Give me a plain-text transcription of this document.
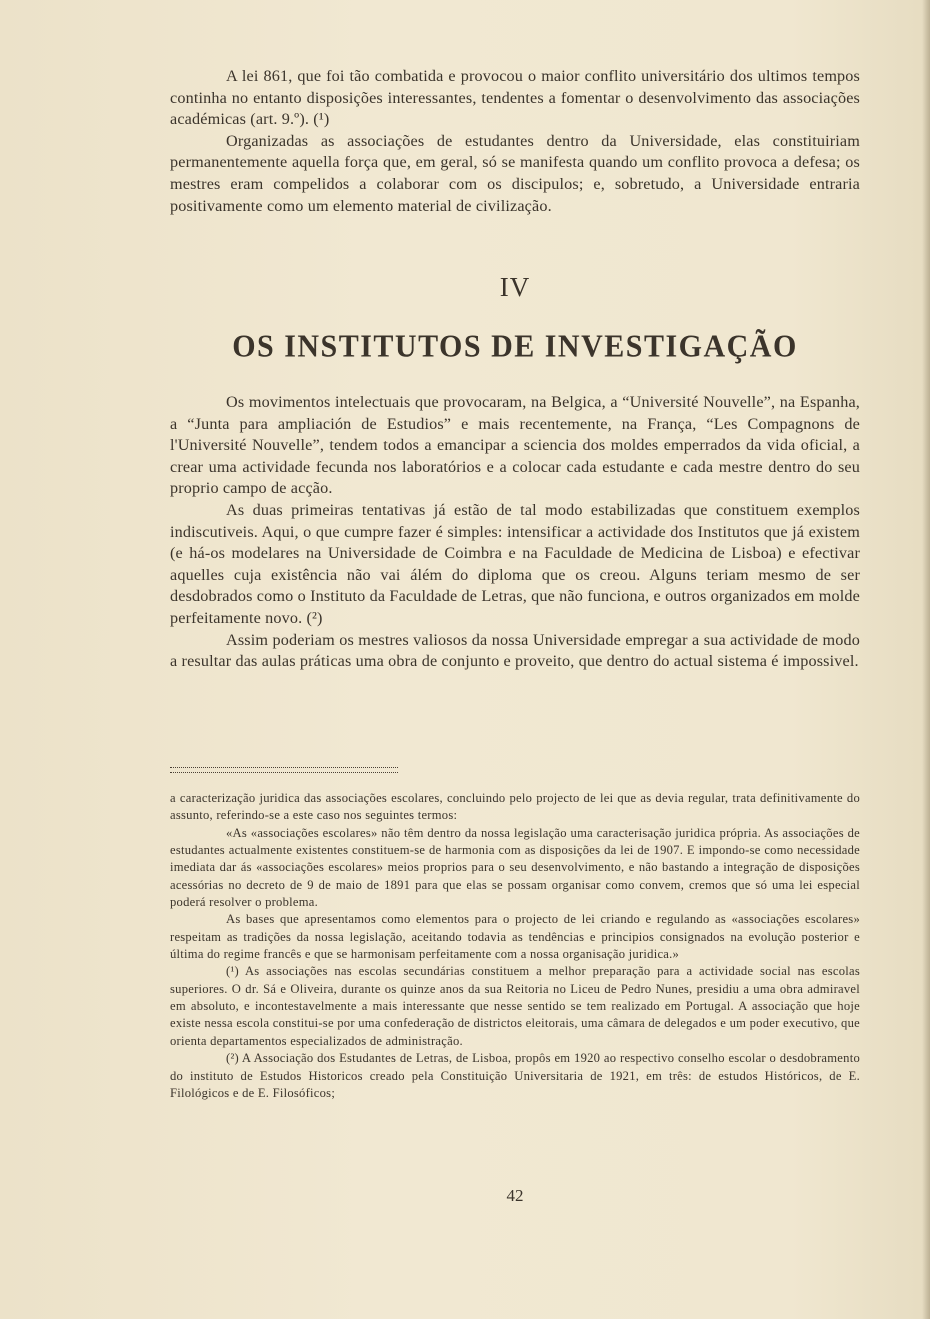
A lei 861, que foi tão combatida e provocou o maior conflito universitário dos ultimos tempos continha no entanto disposições interessantes, tendentes a fomentar o desenvolvimento das associações académicas (art. 9.º). (¹)

Organizadas as associações de estudantes dentro da Universidade, elas constituiriam permanentemente aquella força que, em geral, só se manifesta quando um conflito provoca a defesa; os mestres eram compelidos a colaborar com os discipulos; e, sobretudo, a Universidade entraria positivamente como um elemento material de civilização.

IV
OS INSTITUTOS DE INVESTIGAÇÃO

Os movimentos intelectuais que provocaram, na Belgica, a “Université Nouvelle”, na Espanha, a “Junta para ampliación de Estudios” e mais recentemente, na França, “Les Compagnons de l'Université Nouvelle”, tendem todos a emancipar a sciencia dos moldes emperrados da vida oficial, a crear uma actividade fecunda nos laboratórios e a colocar cada estudante e cada mestre dentro do seu proprio campo de acção.

As duas primeiras tentativas já estão de tal modo estabilizadas que constituem exemplos indiscutiveis. Aqui, o que cumpre fazer é simples: intensificar a actividade dos Institutos que já existem (e há-os modelares na Universidade de Coimbra e na Faculdade de Medicina de Lisboa) e efectivar aquelles cuja existência não vai álém do diploma que os creou. Alguns teriam mesmo de ser desdobrados como o Instituto da Faculdade de Letras, que não funciona, e outros organizados em molde perfeitamente novo. (²)

Assim poderiam os mestres valiosos da nossa Universidade empregar a sua actividade de modo a resultar das aulas práticas uma obra de conjunto e proveito, que dentro do actual sistema é impossivel.

a caracterização juridica das associações escolares, concluindo pelo projecto de lei que as devia regular, trata definitivamente do assunto, referindo-se a este caso nos seguintes termos:

«As «associações escolares» não têm dentro da nossa legislação uma caracterisação juridica própria. As associações de estudantes actualmente existentes constituem-se de harmonia com as disposições da lei de 1907. E impondo-se como necessidade imediata dar ás «associações escolares» meios proprios para o seu desenvolvimento, e não bastando a integração de disposições acessórias no decreto de 9 de maio de 1891 para que elas se possam organisar como convem, cremos que só uma lei especial poderá resolver o problema.

As bases que apresentamos como elementos para o projecto de lei criando e regulando as «associações escolares» respeitam as tradições da nossa legislação, aceitando todavia as tendências e principios consignados na evolução posterior e última do regime francês e que se harmonisam perfeitamente com a nossa organisação juridica.»

(¹) As associações nas escolas secundárias constituem a melhor preparação para a actividade social nas escolas superiores. O dr. Sá e Oliveira, durante os quinze anos da sua Reitoria no Liceu de Pedro Nunes, presidiu a uma obra admiravel em absoluto, e incontestavelmente a mais interessante que nesse sentido se tem realizado em Portugal. A associação que hoje existe nessa escola constitui-se por uma confederação de districtos eleitorais, uma câmara de delegados e um poder executivo, que orienta departamentos especializados de administração.

(²) A Associação dos Estudantes de Letras, de Lisboa, propôs em 1920 ao respectivo conselho escolar o desdobramento do instituto de Estudos Historicos creado pela Constituição Universitaria de 1921, em três: de estudos Históricos, de E. Filológicos e de E. Filosóficos;

42
